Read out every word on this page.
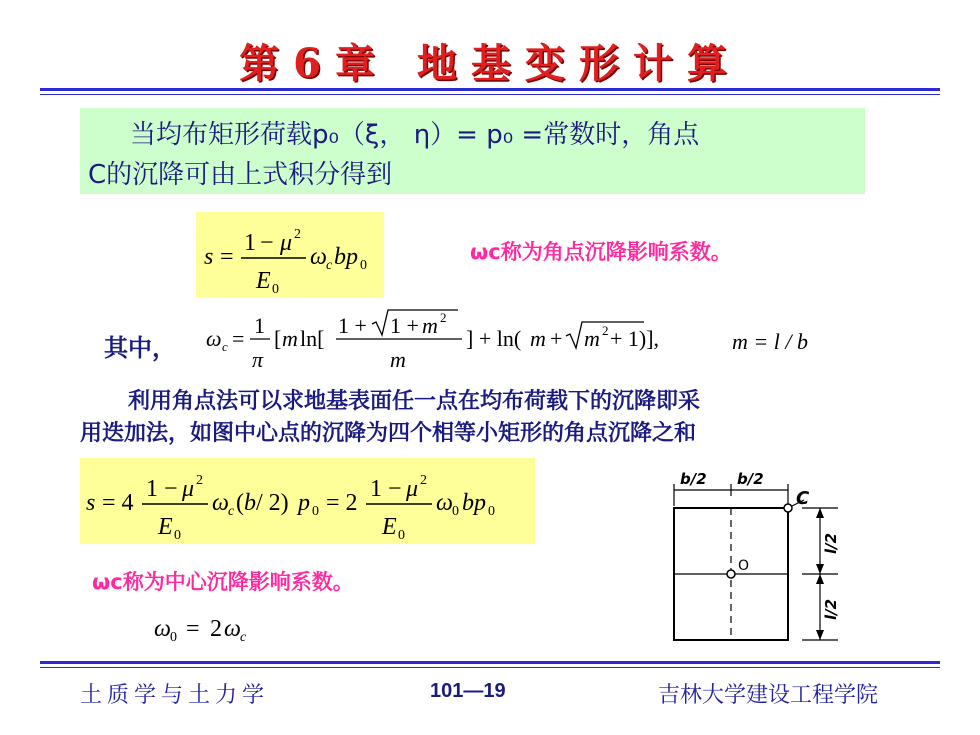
第6章 地基变形计算
当均布矩形荷载p₀（ξ， η）= p₀ =常数时，角点
C的沉降可由上式积分得到
s =
1 − μ 2
E 0
ω c bp 0
ωc称为角点沉降影响系数。
其中， ω c =
1
π
[ m ln[
1 + 1 + m 2
m
] + ln( m + m 2 + 1)],	m = l / b
利用角点法可以求地基表面任一点在均布荷载下的沉降即采
用迭加法，如图中心点的沉降为四个相等小矩形的角点沉降之和
s = 4
1 − μ 2
E 0
ω c ( b / 2) p 0 = 2
1 − μ 2
E 0
ω 0 bp 0
ωc称为中心沉降影响系数。
ω 0 = 2 ω c
b/2 b/2
C
O
l/2
l/2
土质学与土力学	101—19	吉林大学建设工程学院
